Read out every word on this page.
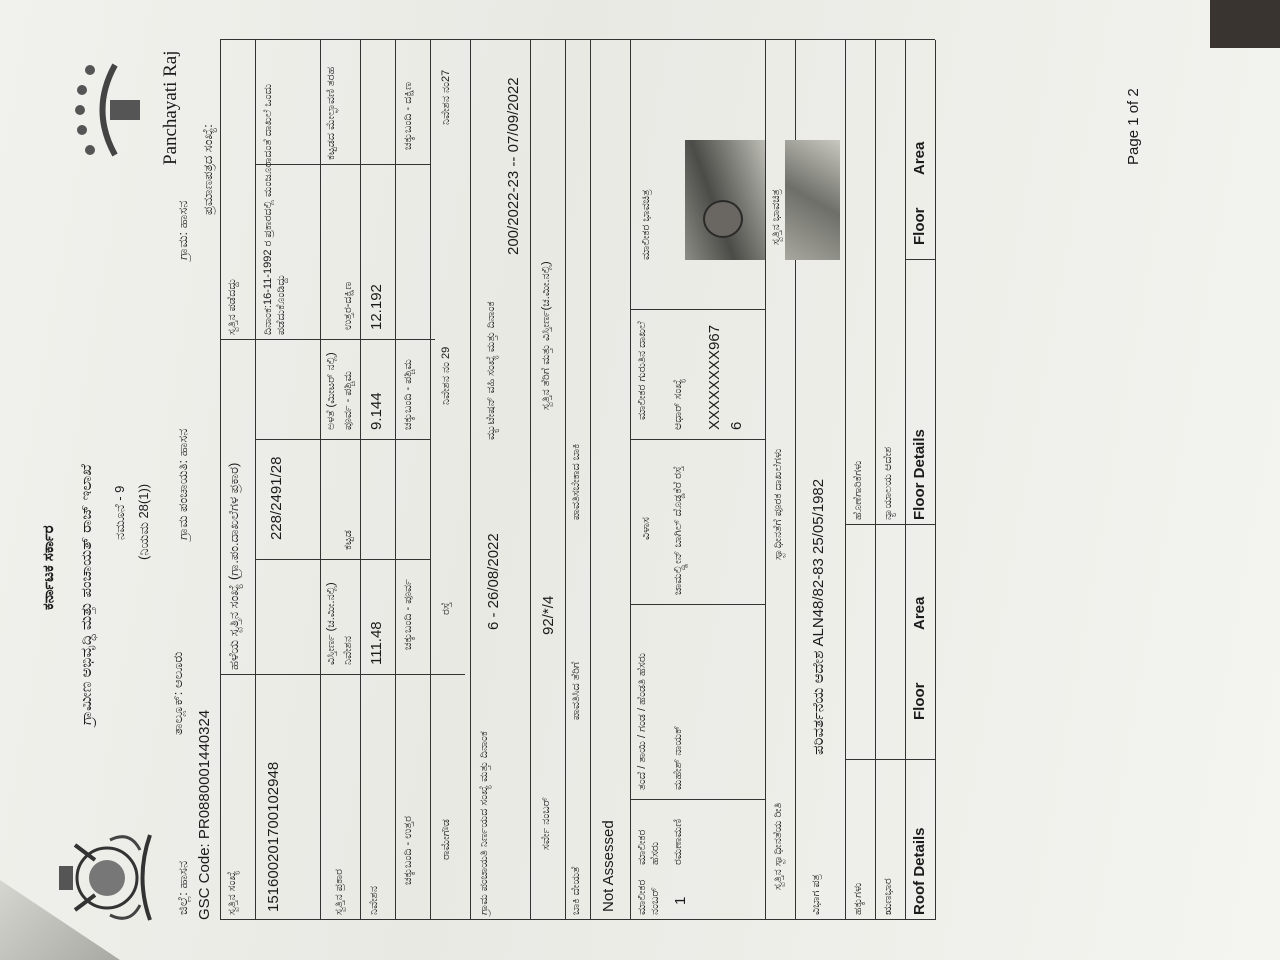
ಕರ್ನಾಟಕ ಸರ್ಕಾರ ಗ್ರಾಮೀಣ ಅಭಿವೃದ್ಧಿ ಮತ್ತು ಪಂಚಾಯತ್ ರಾಜ್ ಇಲಾಖೆ ನಮೂನೆ - 9 (ನಿಯಮ 28(1))
Panchayati Raj
ಜಿಲ್ಲೆ: ಹಾಸನ
ತಾಲ್ಲೂಕ್: ಆಲೂರು
ಗ್ರಾಮ ಪಂಚಾಯತಿ: ಹಾಸನ
ಗ್ರಾಮ: ಹಾಸನ
GSC Code: PR0880001440324
ಪ್ರಮಾಣಪತ್ರದ ಸಂಖ್ಯೆ:
ಸ್ವತ್ತಿನ ಸಂಖ್ಯೆ
ಹಳೆಯ ಸ್ವತ್ತಿನ ಸಂಖ್ಯೆ (ಗ್ರಾ.ಪಂ.ದಾಖಲೆಗಳ ಪ್ರಕಾರ)
ಸ್ವತ್ತಿನ ಪಡೆದದ್ದು
151600201700102948
228/2491/28
ದಿನಾಂಕ:16-11-1992 ರ ಪ್ರಕಾರದಲ್ಲಿ ಮಂಜೂರಾದಂತೆ ದಾಖಲೆ ಒಂದು ಪಡೆದುಕೊಂಡಿದ್ದು
ಸ್ವತ್ತಿನ ಪ್ರಕಾರ
ವಿಸ್ತೀರ್ಣ (ಚ.ಮೀ.ನಲ್ಲಿ)
ಅಳತೆ (ಮೀಟರ್ ನಲ್ಲಿ)
ಕಟ್ಟಡದ ಮೇಲ್ಛಾವಣಿ ತರಹ
ನಿವೇಶನ
ಕಟ್ಟಡ
ಪೂರ್ವ - ಪಶ್ಚಿಮ
ಉತ್ತರ-ದಕ್ಷಿಣ
ನಿವೇಶನ
111.48
9.144
12.192
ಚಕ್ಕುಬಂದಿ - ಉತ್ತರ
ಚಕ್ಕುಬಂದಿ - ಪೂರ್ವ
ಚಕ್ಕುಬಂದಿ - ಪಶ್ಚಿಮ
ಚಕ್ಕುಬಂದಿ - ದಕ್ಷಿಣ
ರಾಮೇಗೌಡ
ರಸ್ತೆ
ನಿವೇಶನ ನಂ 29
ನಿವೇಶನ ನಂ27
ಗ್ರಾಮ ಪಂಚಾಯತಿ ನಿರ್ಣಯದ ಸಂಖ್ಯೆ ಮತ್ತು ದಿನಾಂಕ
6 - 26/08/2022
ಮ್ಯುಟೇಷನ್ ವಹಿ ಸಂಖ್ಯೆ ಮತ್ತು ದಿನಾಂಕ
200/2022-23 -- 07/09/2022
ಸರ್ವೇ ನಂಬರ್
92/*/4
ಸ್ವತ್ತಿನ ತೆರಿಗೆ ಮತ್ತು ವಿಸ್ತೀರ್ಣ(ಚ.ಮೀ.ನಲ್ಲಿ)
ಬಾಕಿ ದೇಯತೆ
ಪಾವತಿಸಿದ ತೆರಿಗೆ
ಪಾವತಿಸಬೇಕಾದ ಬಾಕಿ
Not Assessed ಮಾಲೀಕರ ನಂಬರ್
ಮಾಲೀಕರ ಹೆಸರು
ತಂದೆ / ತಾಯಿ / ಗಂಡ / ಹೆಂಡತಿ ಹೆಸರು
ವಿಳಾಸ
ಮಾಲೀಕರ ಗುರುತಿನ ದಾಖಲೆ
ಮಾಲೀಕರ ಭಾವಚಿತ್ರ
1
ರಮಣಾಮಣಿ
ಮಹೇಶ್ ನಾಯಕ್
ಜಾಮಲ್ದ್ದೀನ್ ಬಾಗಿಲ್ ದೊಡ್ಡಕೆರೆ ರಸ್ತೆ
ಆಧಾರ್ ಸಂಖ್ಯೆ XXXXXXXX967 6
ಸ್ವತ್ತಿನ ಭಾವಚಿತ್ರ
ಸ್ವತ್ತಿನ ಸ್ವಾಧೀನತೆಯ ರೀತಿ
ಸ್ವಾಧೀನತೆಗೆ ಪೂರಕ ದಾಖಲೆಗಳು
ವಿಭಾಗ ಪತ್ರ
ಪರಿವರ್ತನೆಯ ಆದೇಶ ALN48/82-83 25/05/1982
ಹಕ್ಕುಗಳು
ಹೊಣೆಗಾರಿಕೆಗಳು
ಋಣಭಾರ
ನ್ಯಾಯಾಲಯ ಆದೇಶ
Roof Details
Floor
Area
Floor Details
Floor
Area	Page 1 of 2
